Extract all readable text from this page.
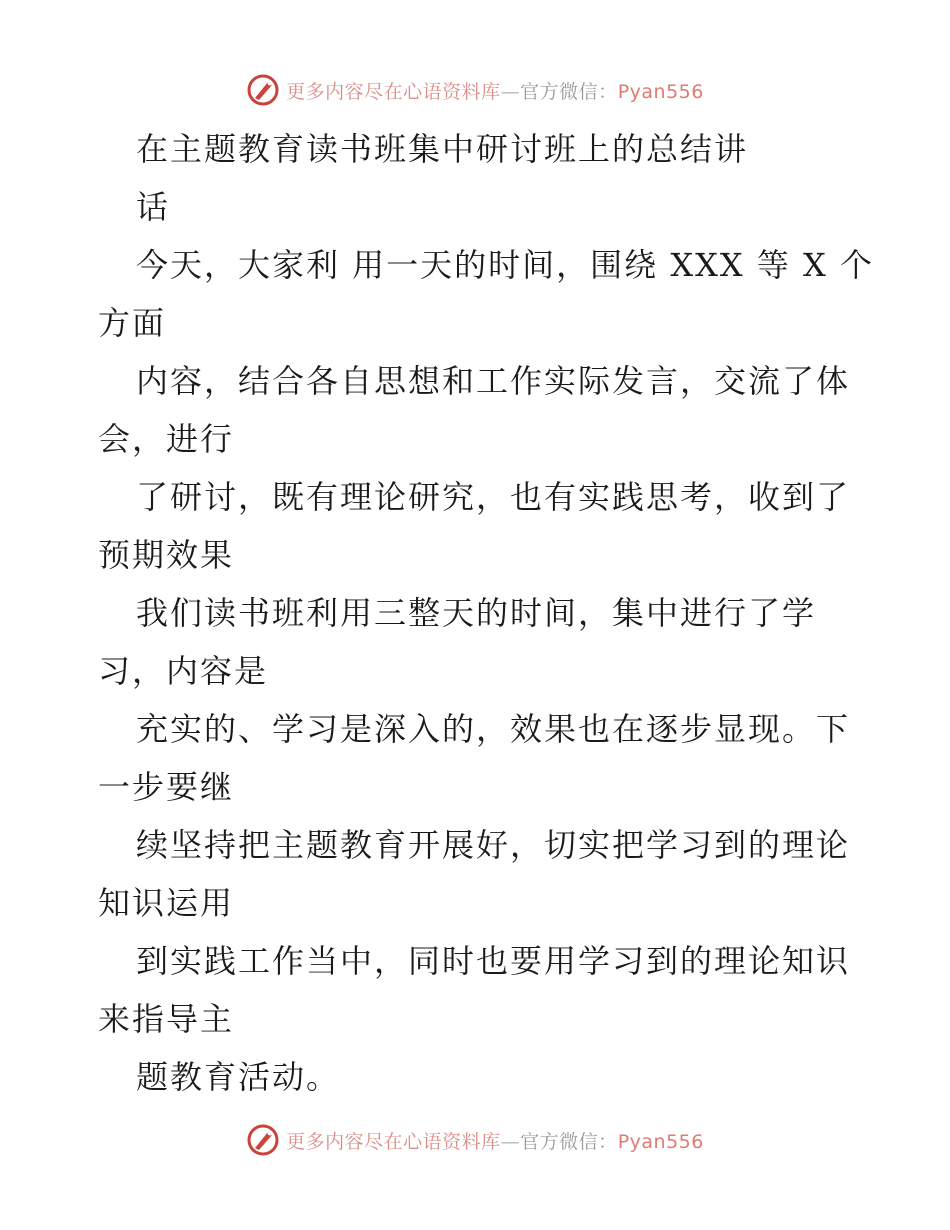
更多内容尽在心语资料库—官方微信：Pyan556
在主题教育读书班集中研讨班上的总结讲
话
今天，大家利 用一天的时间，围绕 XXX 等 X 个
方面
内容，结合各自思想和工作实际发言，交流了体
会，进行
了研讨，既有理论研究，也有实践思考，收到了
预期效果
我们读书班利用三整天的时间，集中进行了学
习，内容是
充实的、学习是深入的，效果也在逐步显现。下
一步要继
续坚持把主题教育开展好，切实把学习到的理论
知识运用
到实践工作当中，同时也要用学习到的理论知识
来指导主
题教育活动。
更多内容尽在心语资料库—官方微信：Pyan556
